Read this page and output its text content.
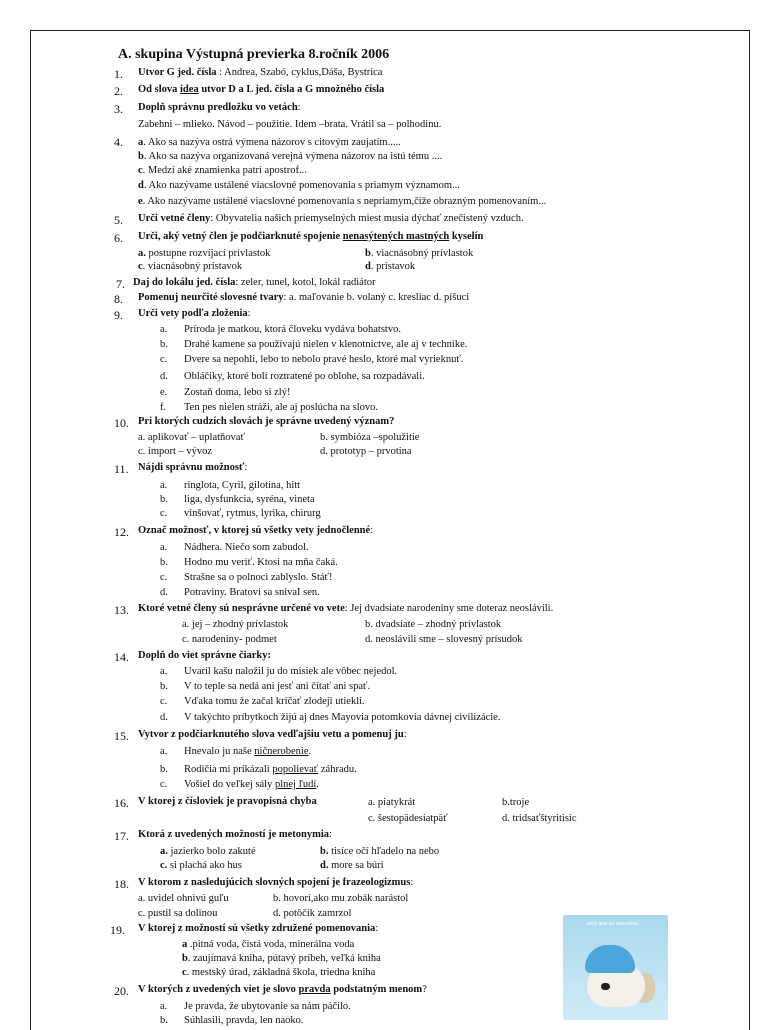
A. skupina Výstupná previerka 8.ročník 2006
1. Utvor G jed. čísla : Andrea, Szabó, cyklus,Dáša, Bystrica
2. Od slova idea utvor D a L jed. čísla a G množného čísla
3. Doplň správnu predložku vo vetách:
Zabehni – mlieko. Návod – použitie. Idem –brata. Vrátil sa – polhodinu.
4. a. Ako sa nazýva ostrá výmena názorov s citovým zaujatím.....
b. Ako sa nazýva organizovaná verejná výmena názorov na istú tému ....
c. Medzi aké znamienka patrí apostrof...
d. Ako nazývame ustálené viacslovné pomenovania s priamym významom...
e. Ako nazývame ustálené viacslovné pomenovania s nepriamym,čiže obrazným pomenovaním...
5. Urči vetné členy: Obyvatelia našich priemyselných miest musia dýchať znečistený vzduch.
6. Urči, aký vetný člen je podčiarknuté spojenie nenasýtených mastných kyselín
a. postupne rozvíjací prívlastok	b. viacnásobný prívlastok
c. viacnásobný prístavok	d. prístavok
7. Daj do lokálu jed. čísla: zeler, tunel, kotol, lokál radiátor
8. Pomenuj neurčité slovesné tvary: a. maľovanie b. volaný c. kresliac d. píšuci
9. Urči vety podľa zloženia:
a. Príroda je matkou, ktorá človeku vydáva bohatstvo.
b. Drahé kamene sa používajú nielen v klenotníctve, ale aj v technike.
c. Dvere sa nepohli, lebo to nebolo pravé heslo, ktoré mal vyrieknuť.
d. Obláčiky, ktoré boli roztratené po oblohe, sa rozpadávali.
e. Zostaň doma, lebo si zlý!
f. Ten pes nielen stráži, ale aj poslúcha na slovo.
10. Pri ktorých cudzích slovách je správne uvedený význam?
a. aplikovať – uplatňovať	b. symbióza –spolužitie
c. import – vývoz	d. prototyp – prvotina
11. Nájdi správnu možnosť:
a. ringlota, Cyril, gilotína, hitt
b. liga, dysfunkcia, syréna, vineta
c. vinšovať, rytmus, lyrika, chirurg
12. Označ možnosť, v ktorej sú všetky vety jednočlenné:
a. Nádhera. Niečo som zabudol.
b. Hodno mu veriť. Ktosi na mňa čaká.
c. Strašne sa o polnoci zablyslo. Stáť!
d. Potraviny. Bratovi sa snívaI sen.
13. Ktoré vetné členy sú nesprávne určené vo vete: Jej dvadsiate narodeniny sme doteraz neoslávili.
a. jej – zhodný prívlastok	b. dvadsiate – zhodný prívlastok
c. narodeniny- podmet	d. neoslávili sme – slovesný prísudok
14. Doplň do viet správne čiarky:
a. Uvaril kašu naložil ju do misiek ale vôbec nejedol.
b. V to teple sa nedá ani jesť ani čítať ani spať.
c. Vďaka tomu že začal kričať zlodeji utiekli.
d. V takýchto príbytkoch žijú aj dnes Mayovia potomkovia dávnej civilizácie.
15. Vytvor z podčiarknutého slova vedľajšiu vetu a pomenuj ju:
a. Hnevalo ju naše ničnerobenie.
b. Rodičia mi prikázali popolievať záhradu.
c. Vošiel do veľkej sály plnej ľudí.
16. V ktorej z čísloviek je pravopisná chyba	a. piatykrát	b.troje
c. šestopädesiatpäť	d. tridsaťštyritisíc
17. Ktorá z uvedených možností je metonymia:
a. jazierko bolo zakuté	b. tisíce očí hľadelo na nebo
c. si plachá ako hus	d. more sa búri
18. V ktorom z nasledujúcich slovných spojení je frazeologizmus:
a. uvidel ohnivú guľu	b. hovorí,ako mu zobák narástol
c. pustil sa dolinou	d. potôčik zamrzol
19. V ktorej z možností sú všetky združené pomenovania:
a .pitná voda, čistá voda, minerálna voda
b. zaujímavá kniha, pútavý príbeh, veľká kniha
c. mestský úrad, základná škola, triedna kniha
20. V ktorých z uvedených viet je slovo pravda podstatným menom?
a. Je pravda, že ubytovanie sa nám páčilo.
b. Súhlasili, pravda, len naoko.
why are so sensitive...
